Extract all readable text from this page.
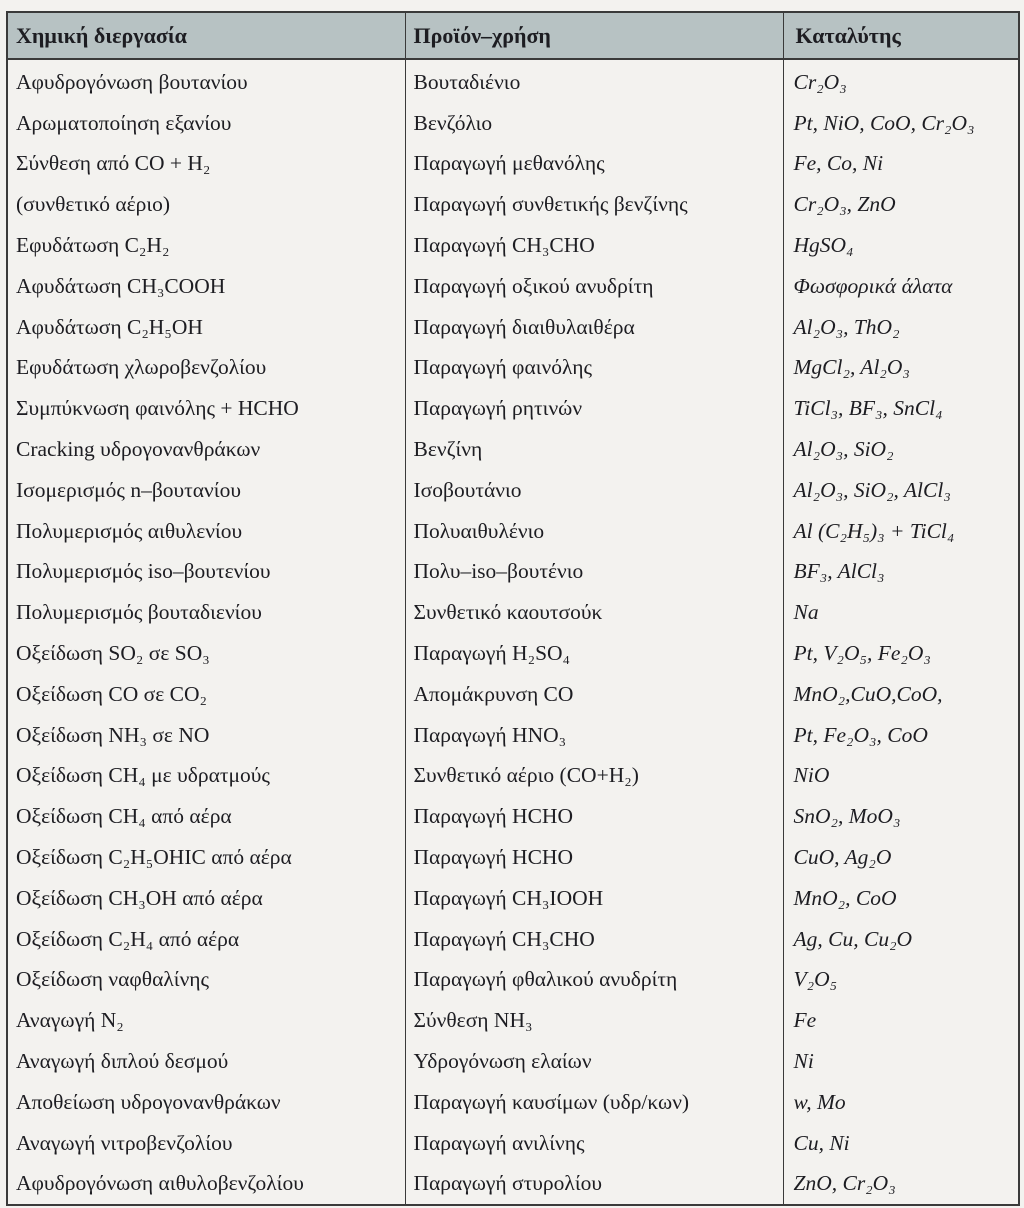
Χημική διεργασία	Προϊόν–χρήση	Καταλύτης
Αφυδρογόνωση βουτανίου	Βουταδιένιο	Cr₂O₃
Αρωματοποίηση εξανίου	Βενζόλιο	Pt, NiO, CoO, Cr₂O₃
Σύνθεση από CO + H₂	Παραγωγή μεθανόλης	Fe, Co, Ni
(συνθετικό αέριο)	Παραγωγή συνθετικής βενζίνης	Cr₂O₃, ZnO
Εφυδάτωση C₂H₂	Παραγωγή CH₃CHO	HgSO₄
Αφυδάτωση CH₃COOH	Παραγωγή οξικού ανυδρίτη	Φωσφορικά άλατα
Αφυδάτωση C₂H₅OH	Παραγωγή διαιθυλαιθέρα	Al₂O₃, ThO₂
Εφυδάτωση χλωροβενζολίου	Παραγωγή φαινόλης	MgCl₂, Al₂O₃
Συμπύκνωση φαινόλης + HCHO	Παραγωγή ρητινών	TiCl₃, BF₃, SnCl₄
Cracking υδρογονανθράκων	Βενζίνη	Al₂O₃, SiO₂
Ισομερισμός n–βουτανίου	Ισοβουτάνιο	Al₂O₃, SiO₂, AlCl₃
Πολυμερισμός αιθυλενίου	Πολυαιθυλένιο	Al (C₂H₅)₃ + TiCl₄
Πολυμερισμός iso–βουτενίου	Πολυ–iso–βουτένιο	BF₃, AlCl₃
Πολυμερισμός βουταδιενίου	Συνθετικό καουτσούκ	Na
Οξείδωση SO₂ σε SO₃	Παραγωγή H₂SO₄	Pt, V₂O₅, Fe₂O₃
Οξείδωση CO σε CO₂	Απομάκρυνση CO	MnO₂,CuO,CoO,
Οξείδωση NH₃ σε NO	Παραγωγή HNO₃	Pt, Fe₂O₃, CoO
Οξείδωση CH₄ με υδρατμούς	Συνθετικό αέριο (CO+H₂)	NiO
Οξείδωση CH₄ από αέρα	Παραγωγή HCHO	SnO₂, MoO₃
Οξείδωση C₂H₅OHIC από αέρα	Παραγωγή HCHO	CuO, Ag₂O
Οξείδωση CH₃OH από αέρα	Παραγωγή CH₃IOOH	MnO₂, CoO
Οξείδωση C₂H₄ από αέρα	Παραγωγή CH₃CHO	Ag, Cu, Cu₂O
Οξείδωση ναφθαλίνης	Παραγωγή φθαλικού ανυδρίτη	V₂O₅
Αναγωγή N₂	Σύνθεση NH₃	Fe
Αναγωγή διπλού δεσμού	Υδρογόνωση ελαίων	Ni
Αποθείωση υδρογονανθράκων	Παραγωγή καυσίμων (υδρ/κων)	w, Mo
Αναγωγή νιτροβενζολίου	Παραγωγή ανιλίνης	Cu, Ni
Αφυδρογόνωση αιθυλοβενζολίου	Παραγωγή στυρολίου	ZnO, Cr₂O₃
